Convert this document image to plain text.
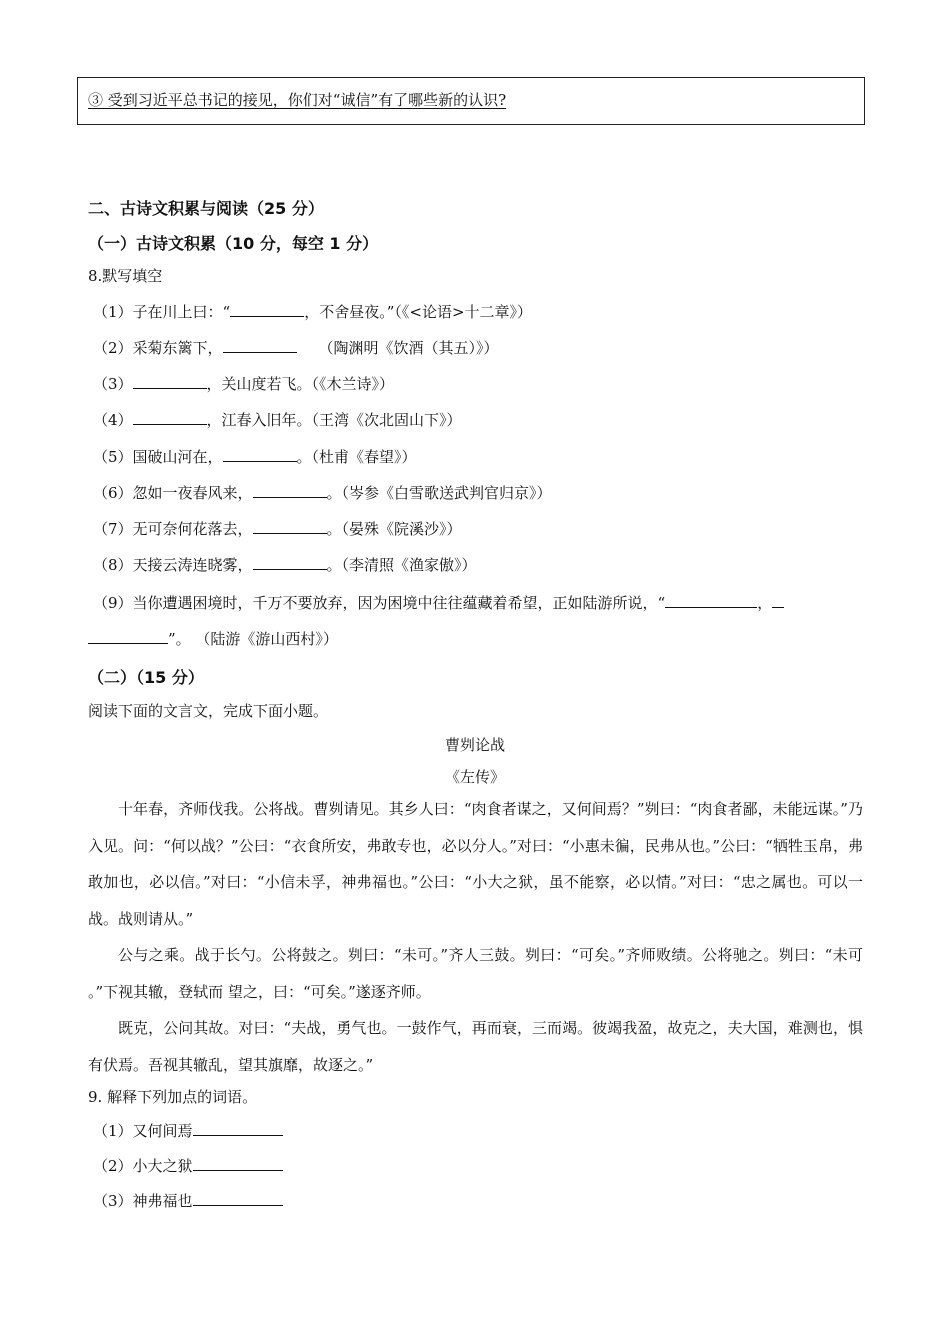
③ 受到习近平总书记的接见，你们对“诚信”有了哪些新的认识?
二、古诗文积累与阅读（25 分）
（一）古诗文积累（10 分，每空 1 分）
8.默写填空
（1）子在川上曰：“	，不舍昼夜。”（《<论语>十二章》）
（2）采菊东篱下，	（陶渊明《饮酒（其五）》）
（3）	，关山度若飞。（《木兰诗》）
（4）	，江春入旧年。（王湾《次北固山下》）
（5）国破山河在，	。（杜甫《春望》）
（6）忽如一夜春风来，	。（岑参《白雪歌送武判官归京》）
（7）无可奈何花落去，	。（晏殊《院溪沙》）
（8）天接云涛连晓雾，	。（李清照《渔家傲》）
（9）当你遭遇困境时，千万不要放弃，因为困境中往往蕴藏着希望，正如陆游所说，“	，
”。 （陆游《游山西村》）
（二）（15 分）
阅读下面的文言文，完成下面小题。
曹刿论战
《左传》

十年春，齐师伐我。公将战。曹刿请见。其乡人曰：“肉食者谋之，又何间焉？”刿曰：“肉食者鄙，未能远谋。”乃入见。问：“何以战？”公曰：“衣食所安，弗敢专也，必以分人。”对曰：“小惠未徧，民弗从也。”公曰：“牺牲玉帛，弗敢加也，必以信。”对曰：“小信未孚，神弗福也。”公曰：“小大之狱，虽不能察，必以情。”对曰：“忠之属也。可以一战。战则请从。”

公与之乘。战于长勺。公将鼓之。刿曰：“未可。”齐人三鼓。刿曰：“可矣。”齐师败绩。公将驰之。刿曰：“未可 。”下视其辙，登轼而 望之，曰：“可矣。”遂逐齐师。

既克，公问其故。对曰：“夫战，勇气也。一鼓作气，再而衰，三而竭。彼竭我盈，故克之，夫大国，难测也，惧有伏焉。吾视其辙乱，望其旗靡，故逐之。”

9. 解释下列加点的词语。
（1）又何间焉
（2）小大之狱
（3）神弗福也
